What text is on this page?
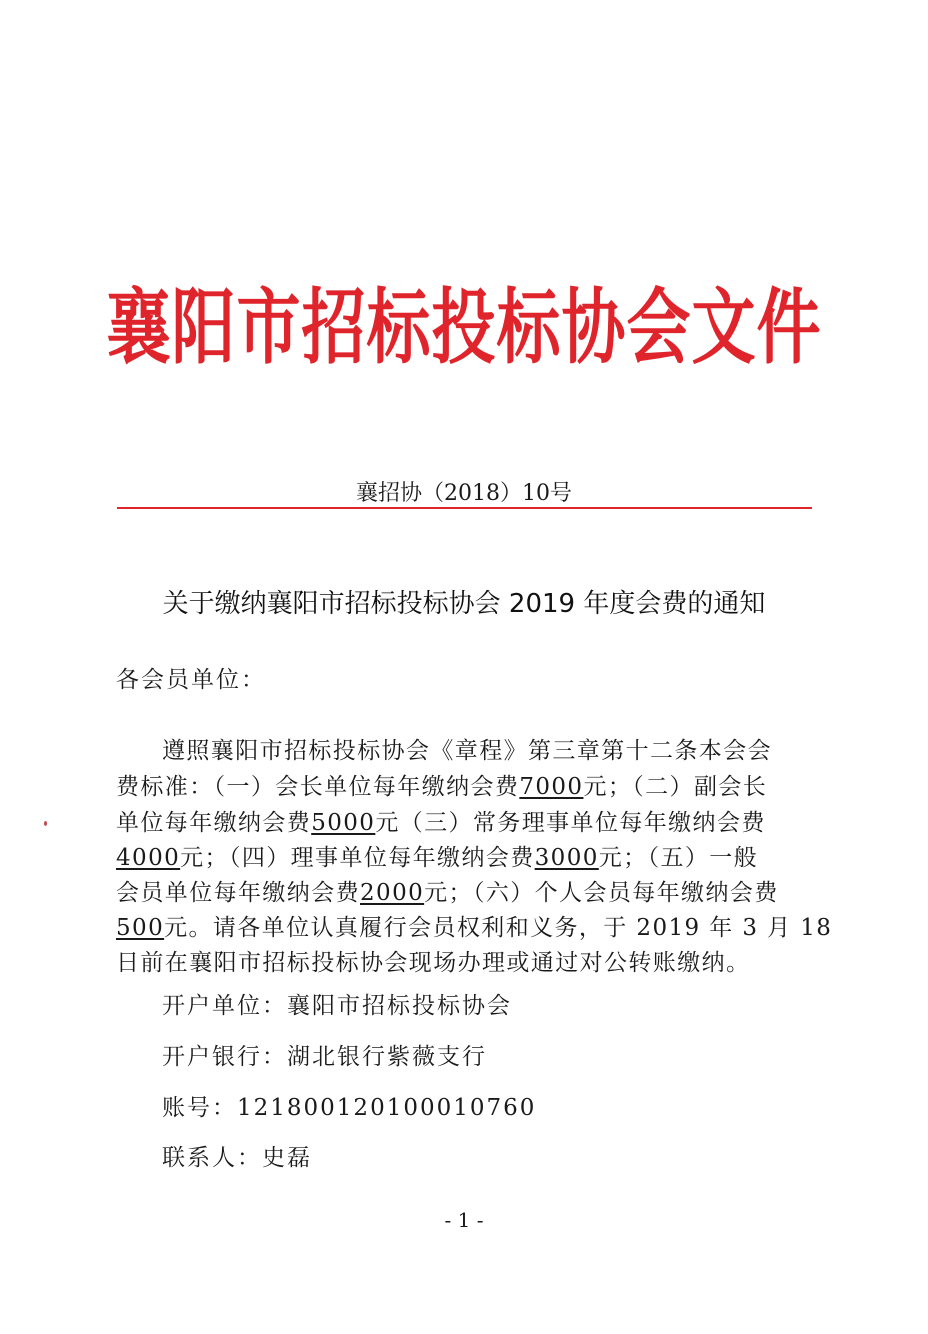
襄阳市招标投标协会文件
襄招协（2018）10号
关于缴纳襄阳市招标投标协会 2019 年度会费的通知
各会员单位：
遵照襄阳市招标投标协会《章程》第三章第十二条本会会
费标准：（一）会长单位每年缴纳会费7000元；（二）副会长
单位每年缴纳会费5000元（三）常务理事单位每年缴纳会费
4000元；（四）理事单位每年缴纳会费3000元；（五）一般
会员单位每年缴纳会费2000元；（六）个人会员每年缴纳会费
500元。请各单位认真履行会员权利和义务，于 2019 年 3 月 18
日前在襄阳市招标投标协会现场办理或通过对公转账缴纳。
开户单位：襄阳市招标投标协会
开户银行：湖北银行紫薇支行
账号：121800120100010760
联系人：史磊
- 1 -
